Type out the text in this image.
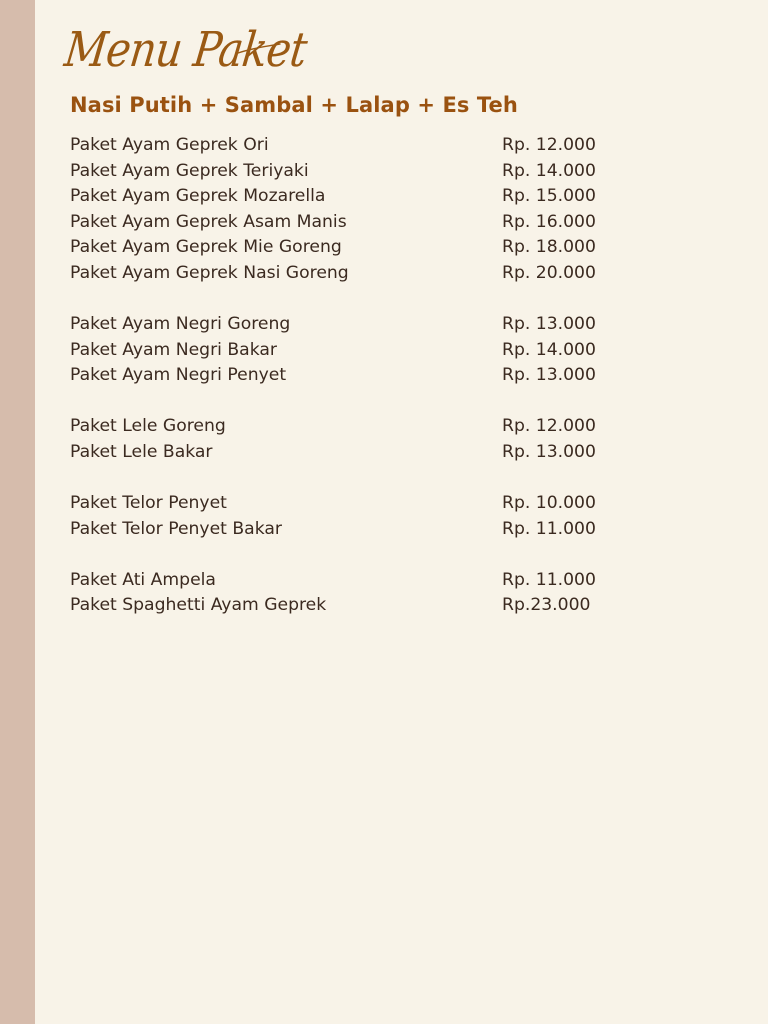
Menu Paket
Nasi Putih + Sambal + Lalap + Es Teh
Paket Ayam Geprek Ori	Rp. 12.000
Paket Ayam Geprek Teriyaki	Rp. 14.000
Paket Ayam Geprek Mozarella	Rp. 15.000
Paket Ayam Geprek Asam Manis	Rp. 16.000
Paket Ayam Geprek Mie Goreng	Rp. 18.000
Paket Ayam Geprek Nasi Goreng	Rp. 20.000
Paket Ayam Negri Goreng	Rp. 13.000
Paket Ayam Negri Bakar	Rp. 14.000
Paket Ayam Negri Penyet	Rp. 13.000
Paket Lele Goreng	Rp. 12.000
Paket Lele Bakar	Rp. 13.000
Paket Telor Penyet	Rp. 10.000
Paket Telor Penyet Bakar	Rp. 11.000
Paket Ati Ampela	Rp. 11.000
Paket Spaghetti Ayam Geprek	Rp.23.000
